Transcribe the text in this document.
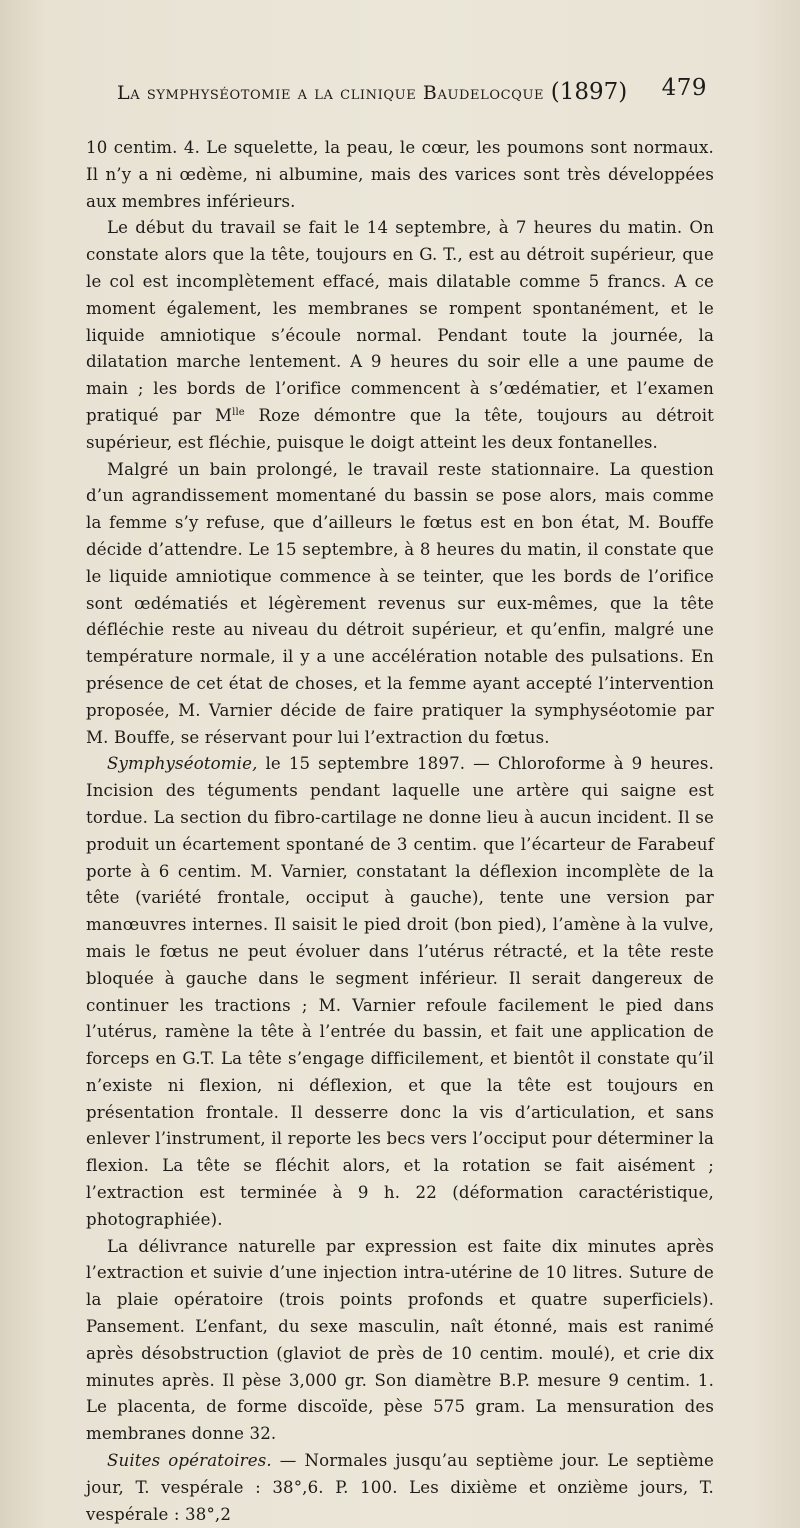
La symphyséotomie a la clinique Baudelocque (1897) 479

10 centim. 4. Le squelette, la peau, le cœur, les poumons sont normaux. Il n’y a ni œdème, ni albumine, mais des varices sont très développées aux membres inférieurs.

Le début du travail se fait le 14 septembre, à 7 heures du matin. On constate alors que la tête, toujours en G. T., est au détroit supérieur, que le col est incomplètement effacé, mais dilatable comme 5 francs. A ce moment également, les membranes se rompent spontanément, et le liquide amniotique s’écoule normal. Pendant toute la journée, la dilatation marche lentement. A 9 heures du soir elle a une paume de main ; les bords de l’orifice commencent à s’œdématier, et l’examen pratiqué par $M^{lle}$ Roze démontre que la tête, toujours au détroit supérieur, est fléchie, puisque le doigt atteint les deux fontanelles.

Malgré un bain prolongé, le travail reste stationnaire. La question d’un agrandissement momentané du bassin se pose alors, mais comme la femme s’y refuse, que d’ailleurs le fœtus est en bon état, M. Bouffe décide d’attendre. Le 15 septembre, à 8 heures du matin, il constate que le liquide amniotique commence à se teinter, que les bords de l’orifice sont œdématiés et légèrement revenus sur eux-mêmes, que la tête défléchie reste au niveau du détroit supérieur, et qu’enfin, malgré une température normale, il y a une accélération notable des pulsations. En présence de cet état de choses, et la femme ayant accepté l’intervention proposée, M. Varnier décide de faire pratiquer la symphyséotomie par M. Bouffe, se réservant pour lui l’extraction du fœtus.

Symphyséotomie, le 15 septembre 1897. — Chloroforme à 9 heures. Incision des téguments pendant laquelle une artère qui saigne est tordue. La section du fibro-cartilage ne donne lieu à aucun incident. Il se produit un écartement spontané de 3 centim. que l’écarteur de Farabeuf porte à 6 centim. M. Varnier, constatant la déflexion incomplète de la tête (variété frontale, occiput à gauche), tente une version par manœuvres internes. Il saisit le pied droit (bon pied), l’amène à la vulve, mais le fœtus ne peut évoluer dans l’utérus rétracté, et la tête reste bloquée à gauche dans le segment inférieur. Il serait dangereux de continuer les tractions ; M. Varnier refoule facilement le pied dans l’utérus, ramène la tête à l’entrée du bassin, et fait une application de forceps en G.T. La tête s’engage difficilement, et bientôt il constate qu’il n’existe ni flexion, ni déflexion, et que la tête est toujours en présentation frontale. Il desserre donc la vis d’articulation, et sans enlever l’instrument, il reporte les becs vers l’occiput pour déterminer la flexion. La tête se fléchit alors, et la rotation se fait aisément ; l’extraction est terminée à 9 h. 22 (déformation caractéristique, photographiée).

La délivrance naturelle par expression est faite dix minutes après l’extraction et suivie d’une injection intra-utérine de 10 litres. Suture de la plaie opératoire (trois points profonds et quatre superficiels). Pansement. L’enfant, du sexe masculin, naît étonné, mais est ranimé après désobstruction (glaviot de près de 10 centim. moulé), et crie dix minutes après. Il pèse 3,000 gr. Son diamètre B.P. mesure 9 centim. 1. Le placenta, de forme discoïde, pèse 575 gram. La mensuration des membranes donne 32.

Suites opératoires. — Normales jusqu’au septième jour. Le septième jour, T. vespérale : 38°,6. P. 100. Les dixième et onzième jours, T. vespérale : 38°,2
